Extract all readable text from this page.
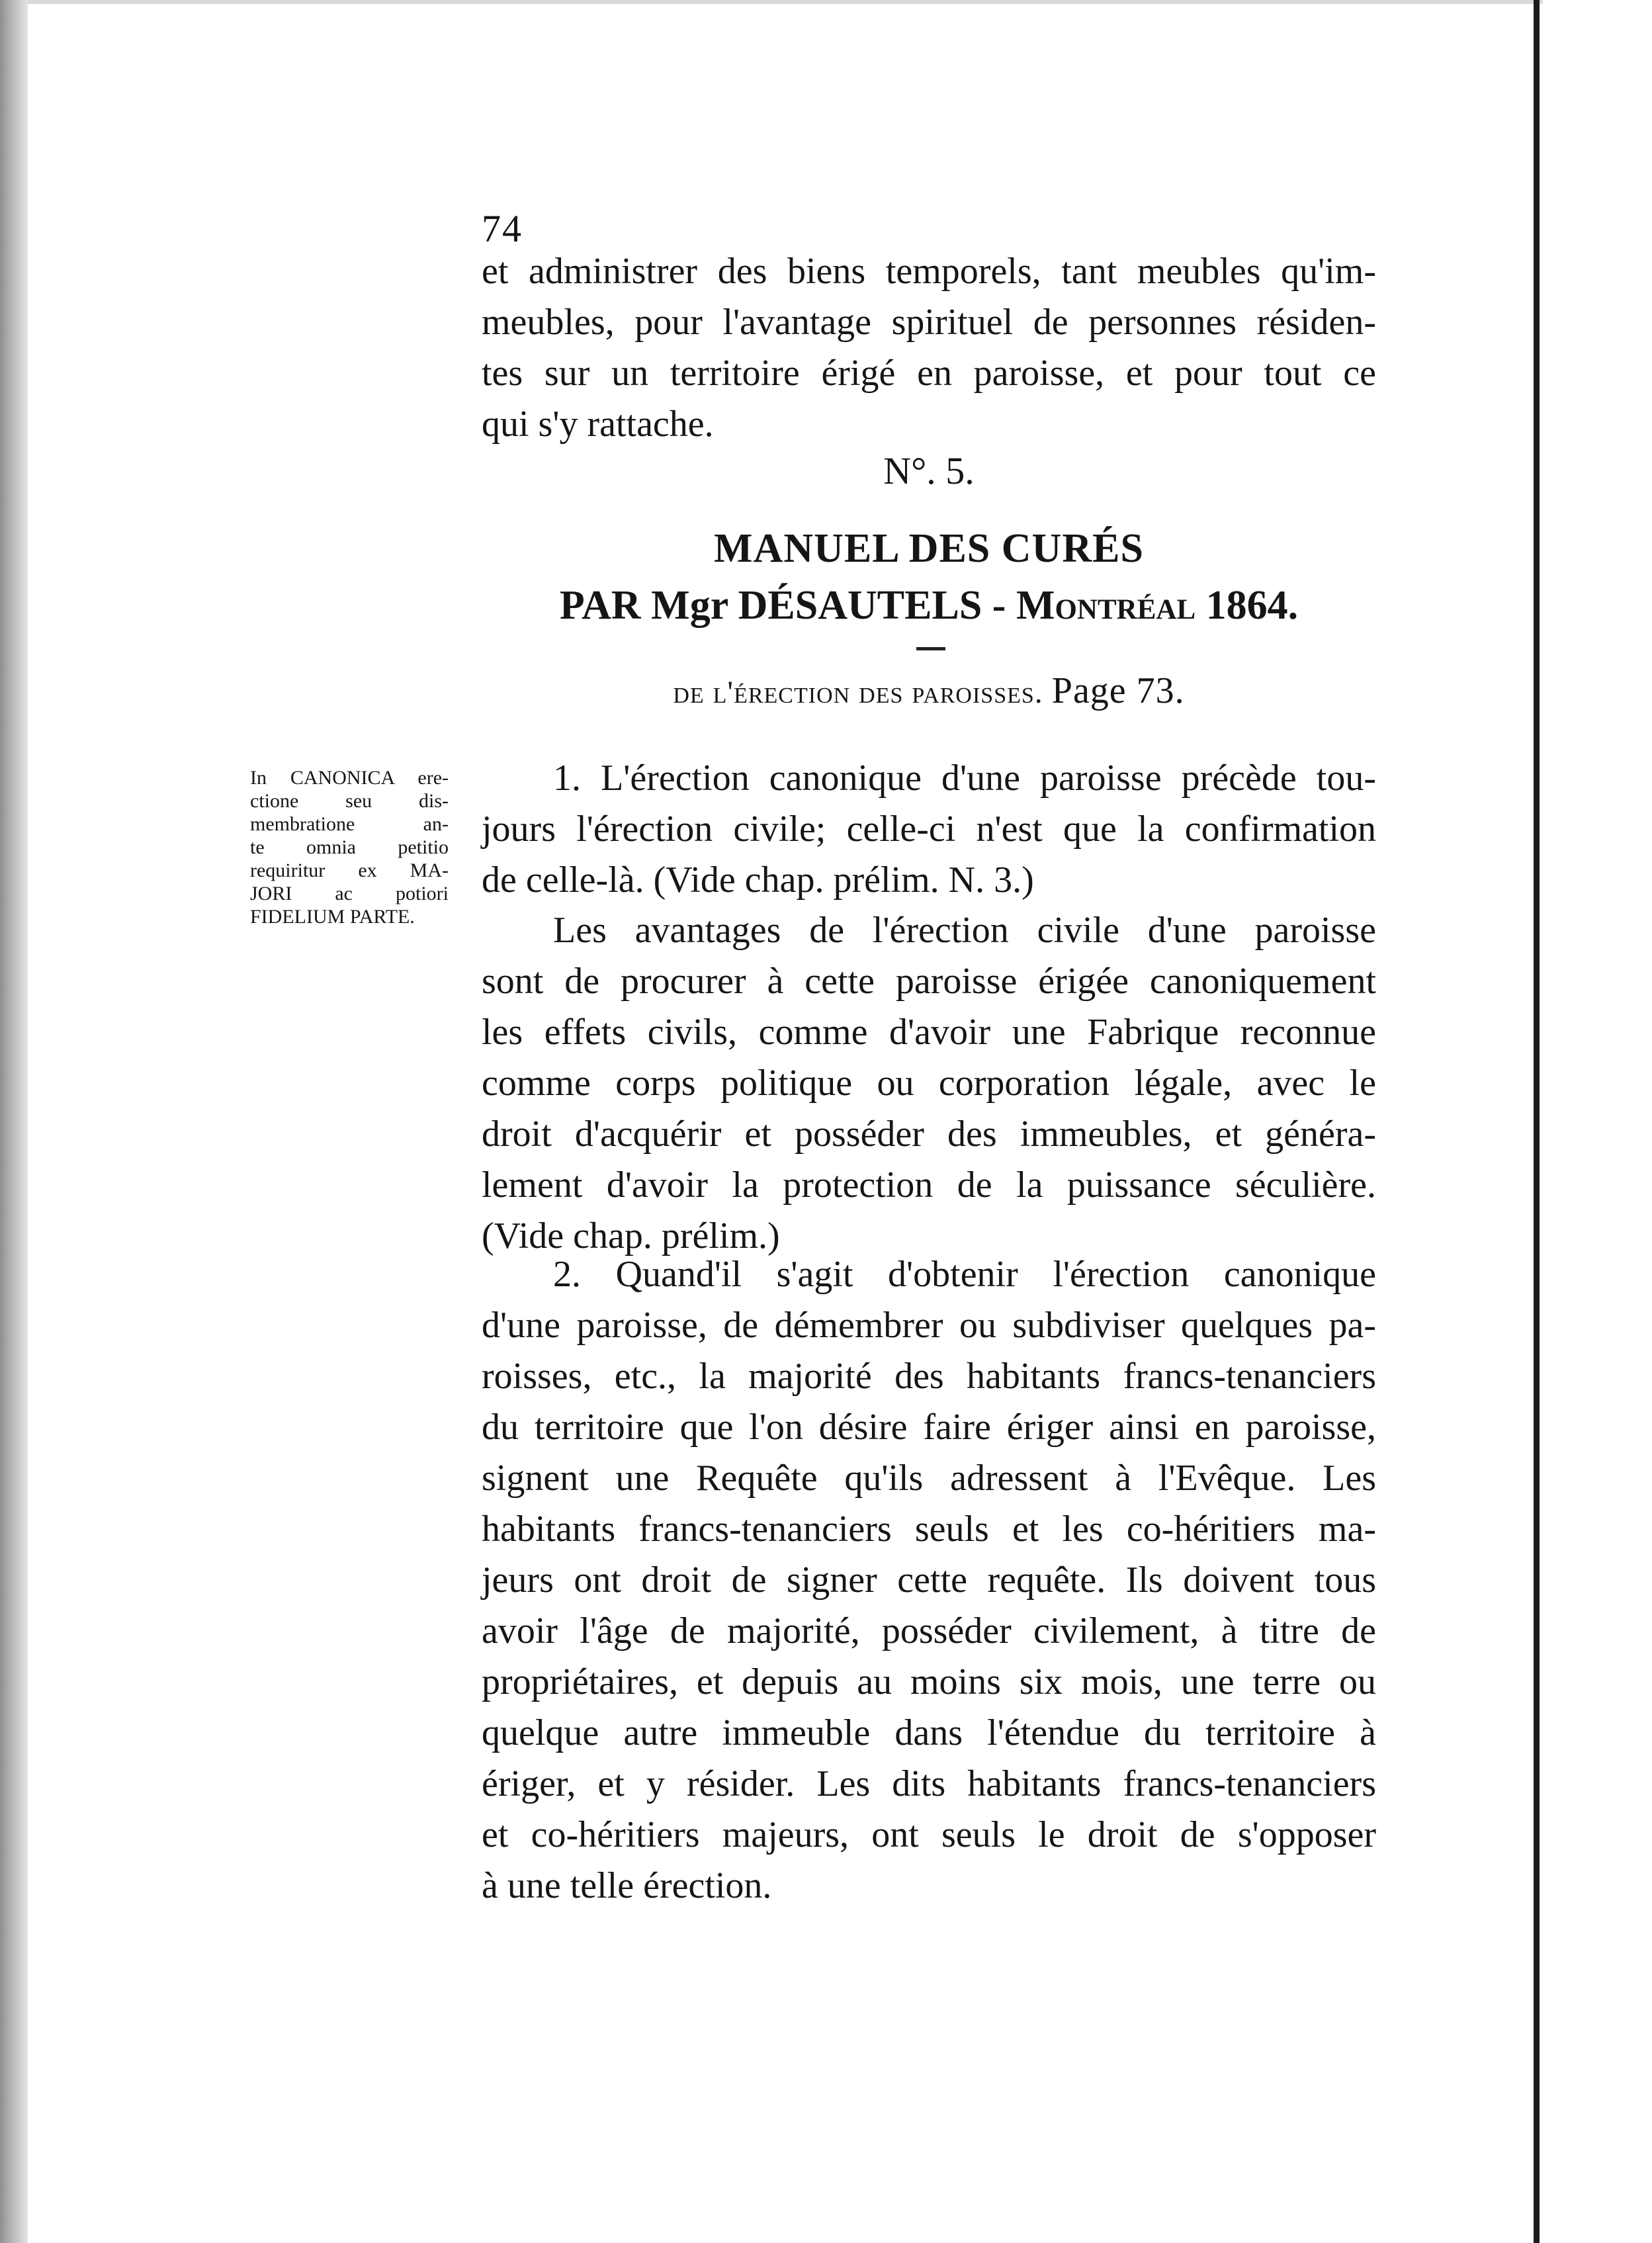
74
et administrer des biens temporels, tant meubles qu'im-
meubles, pour l'avantage spirituel de personnes résiden-
tes sur un territoire érigé en paroisse, et pour tout ce
qui s'y rattache.
N°. 5.
MANUEL DES CURÉS
PAR Mgr DÉSAUTELS - Montréal 1864.
de l'érection des paroisses. Page 73.
In CANONICA ere-
ctione seu dis-
membratione an-
te omnia petitio
requiritur ex MA-
JORI ac potiori
FIDELIUM PARTE.
1. L'érection canonique d'une paroisse précède tou-
jours l'érection civile; celle-ci n'est que la confirmation
de celle-là. (Vide chap. prélim. N. 3.)
Les avantages de l'érection civile d'une paroisse
sont de procurer à cette paroisse érigée canoniquement
les effets civils, comme d'avoir une Fabrique reconnue
comme corps politique ou corporation légale, avec le
droit d'acquérir et posséder des immeubles, et généra-
lement d'avoir la protection de la puissance séculière.
(Vide chap. prélim.)
2. Quand'il s'agit d'obtenir l'érection canonique
d'une paroisse, de démembrer ou subdiviser quelques pa-
roisses, etc., la majorité des habitants francs-tenanciers
du territoire que l'on désire faire ériger ainsi en paroisse,
signent une Requête qu'ils adressent à l'Evêque. Les
habitants francs-tenanciers seuls et les co-héritiers ma-
jeurs ont droit de signer cette requête. Ils doivent tous
avoir l'âge de majorité, posséder civilement, à titre de
propriétaires, et depuis au moins six mois, une terre ou
quelque autre immeuble dans l'étendue du territoire à
ériger, et y résider. Les dits habitants francs-tenanciers
et co-héritiers majeurs, ont seuls le droit de s'opposer
à une telle érection.
